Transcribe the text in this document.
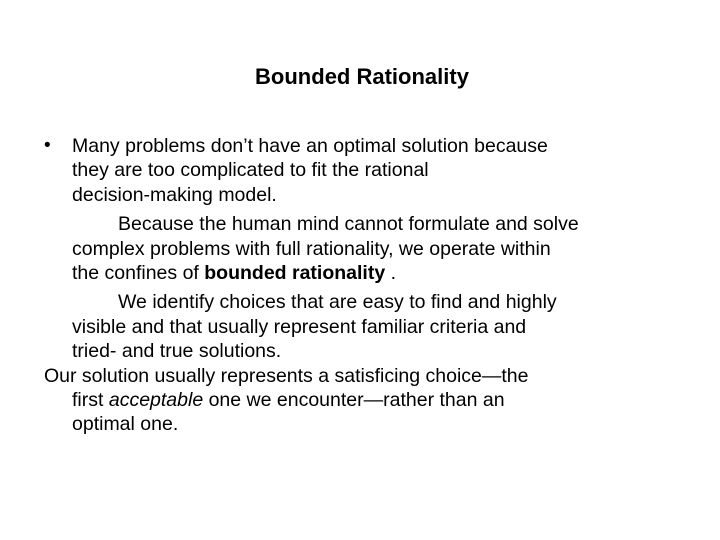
Bounded Rationality

• Many problems don’t have an optimal solution because
they are too complicated to fit the rational
decision-making model.

Because the human mind cannot formulate and solve
complex problems with full rationality, we operate within
the confines of bounded rationality .

We identify choices that are easy to find and highly
visible and that usually represent familiar criteria and
tried- and true solutions.

Our solution usually represents a satisficing choice—the
first acceptable one we encounter—rather than an
optimal one.
